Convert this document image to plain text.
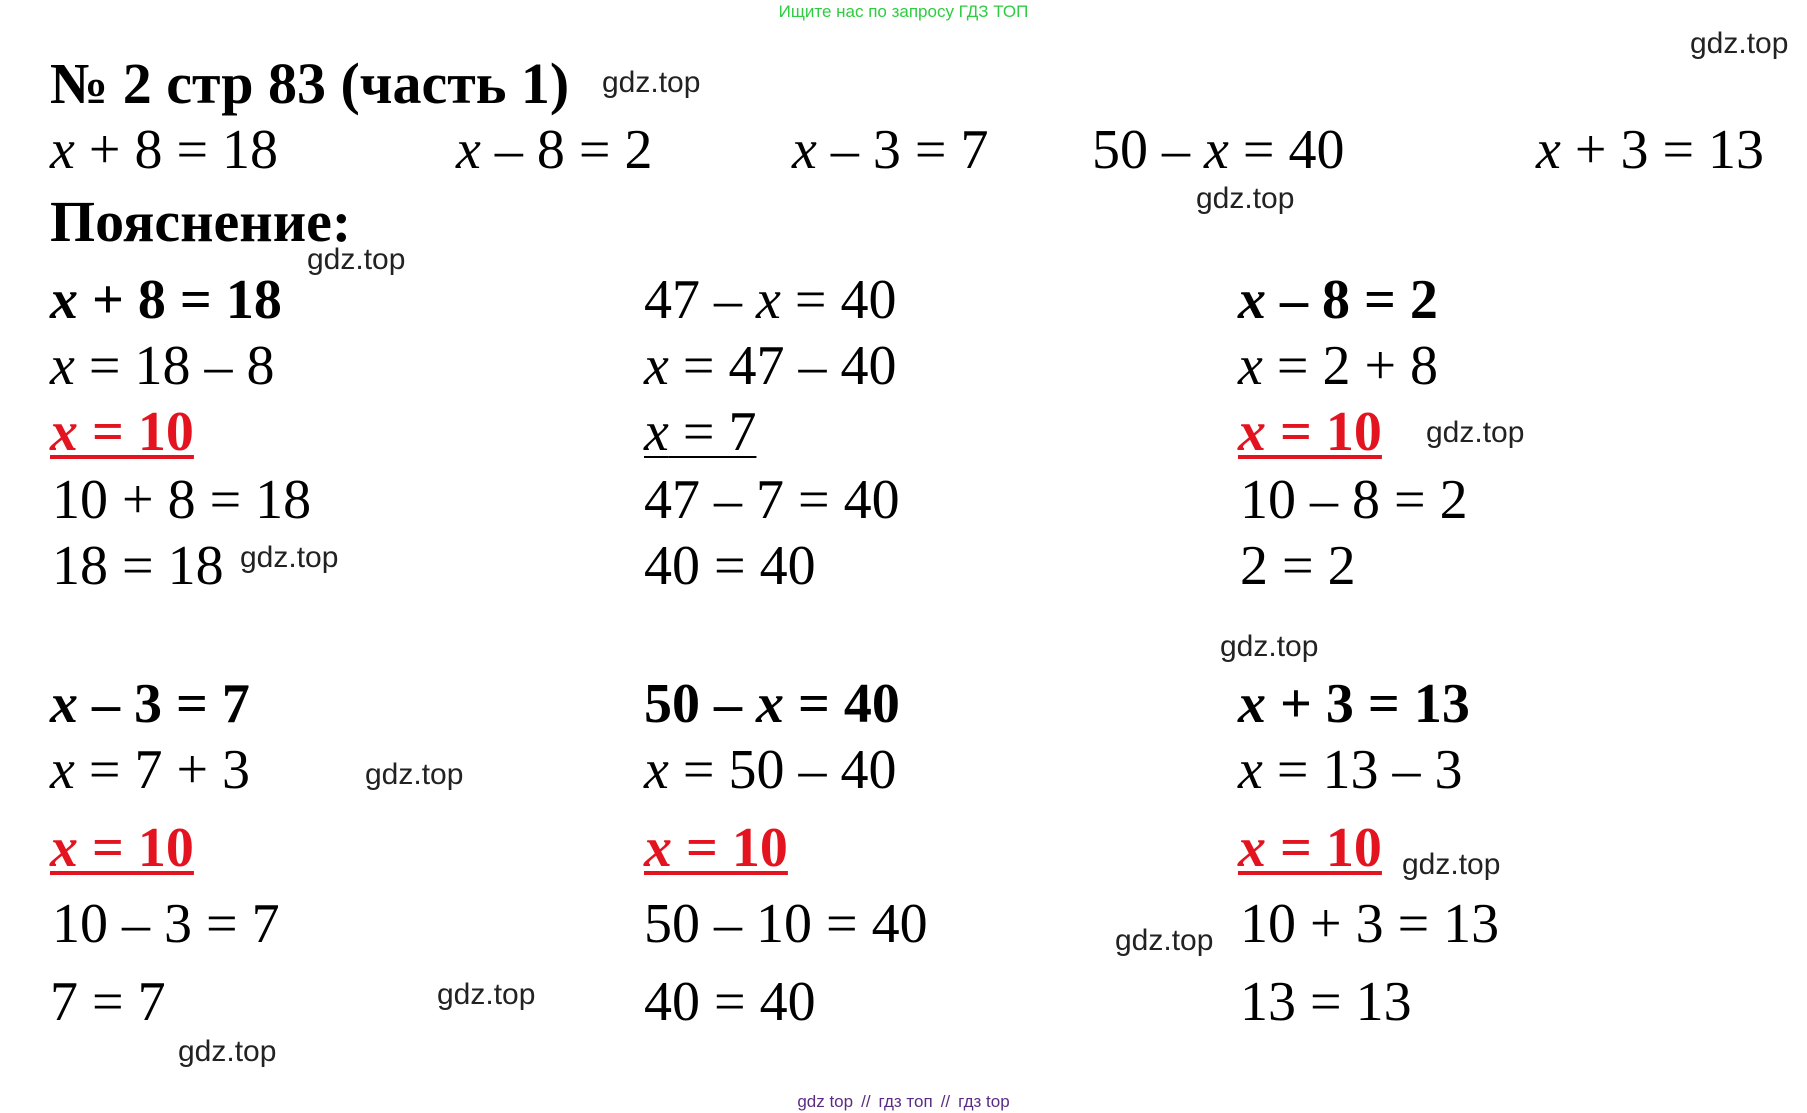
Ищите нас по запросу ГДЗ ТОП
gdz.top
gdz.top
gdz.top
gdz.top
gdz.top
gdz.top
gdz.top
gdz.top
gdz.top
gdz.top
gdz.top
gdz.top
№ 2 стр 83 (часть 1)
x + 8 = 18	x – 8 = 2 x – 3 = 7 50 – x = 40	x + 3 = 13
Пояснение:
x + 8 = 18
x = 18 – 8
x = 10
10 + 8 = 18
18 = 18
47 – x = 40
x = 47 – 40
x = 7
47 – 7 = 40
40 = 40
x – 8 = 2
x = 2 + 8
x = 10
10 – 8 = 2
2 = 2
x – 3 = 7
x = 7 + 3
x = 10
10 – 3 = 7
7 = 7
50 – x = 40
x = 50 – 40
x = 10
50 – 10 = 40
40 = 40
x + 3 = 13
x = 13 – 3
x = 10
10 + 3 = 13
13 = 13
gdz top // гдз топ // гдз top
